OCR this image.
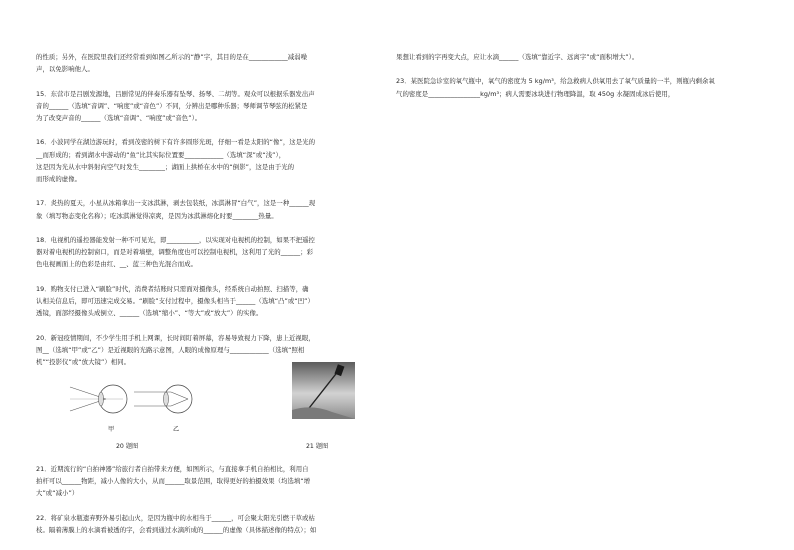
的性质；另外，在医院里我们还经常看到如图乙所示的“静”字，其目的是在____________减弱噪
声，以免影响他人。
15．东营市是吕剧发源地，吕剧常见的伴奏乐器有坠琴、扬琴、二胡等。观众可以根据乐器发出声
音的______（选填“音调”、“响度”或“音色”）不同，分辨出是哪种乐器；琴师调节琴弦的松紧是
为了改变声音的______（选填“音调”、“响度”或“音色”）。
16．小波同学在湖边游玩时，看到茂密的树下有许多圆形光斑，仔细一看是太阳的“像”，这是光的
__而形成的；看到湖水中游动的“鱼”比其实际位置要____________（选填“深”或“浅”），
这是因为光从水中斜射向空气时发生________；湖面上拱桥在水中的“倒影”，这是由于光的
而形成的虚像。
17．炎热的夏天，小星从冰箱拿出一支冰淇淋，剥去包装纸，冰淇淋冒“白气”，这是一种______现
象（填写物态变化名称）；吃冰淇淋觉得凉爽，是因为冰淇淋熔化时要________热量。
18．电视机的遥控器能发射一种不可见光，即__________，以实现对电视机的控制，如果不把遥控
器对着电视机的控制窗口，而是对着墙壁，调整角度也可以控制电视机，这利用了光的______；彩
色电视画面上的色彩是由红、__、蓝三种色光混合而成。
19．购物支付已进入“刷脸”时代，消费者结账时只需面对摄像头，经系统自动拍照、扫描等，确
认相关信息后，即可迅速完成交易。“刷脸”支付过程中，摄像头相当于______（选填“凸”或“凹”）
透镜，面部经摄像头成倒立、______（选填“缩小”、“等大”或“放大”）的实像。
20．新冠疫情期间，不少学生用手机上网课，长时间盯着屏幕，容易导致视力下降，患上近视眼，
图__（选填“甲”或“乙”）是近视眼的光路示意图，人眼的成像原理与____________（选填“照相
机”“投影仪”或“放大镜”）相同。
甲	乙
20 题图	21 题图
21．近期流行的“自拍神器”给旅行者自拍带来方便，如图所示，与直接拿手机自拍相比，利用自
拍杆可以______物距，减小人像的大小，从而______取景范围，取得更好的拍摄效果（均选填“增
大”或“减小”）
22．将矿泉水瓶遗弃野外易引起山火，是因为瓶中的水相当于______，可会聚太阳光引燃干草或枯
枝。隔着薄膜上的水滴看被透的字，会看到通过水滴所成的______的虚像（具体描述像的特点）；如
果想让看到的字再变大点，应让水滴______（选填“靠近字、远离字”或“面积增大”）。
23．某医院急诊室的氧气瓶中，氧气的密度为 5 kg/m³，给急救病人供氧用去了氧气质量的一半，则瓶内剩余氧
气的密度是________________kg/m³；病人需要冰块进行物理降温，取 450g 水凝固成冰后使用，
